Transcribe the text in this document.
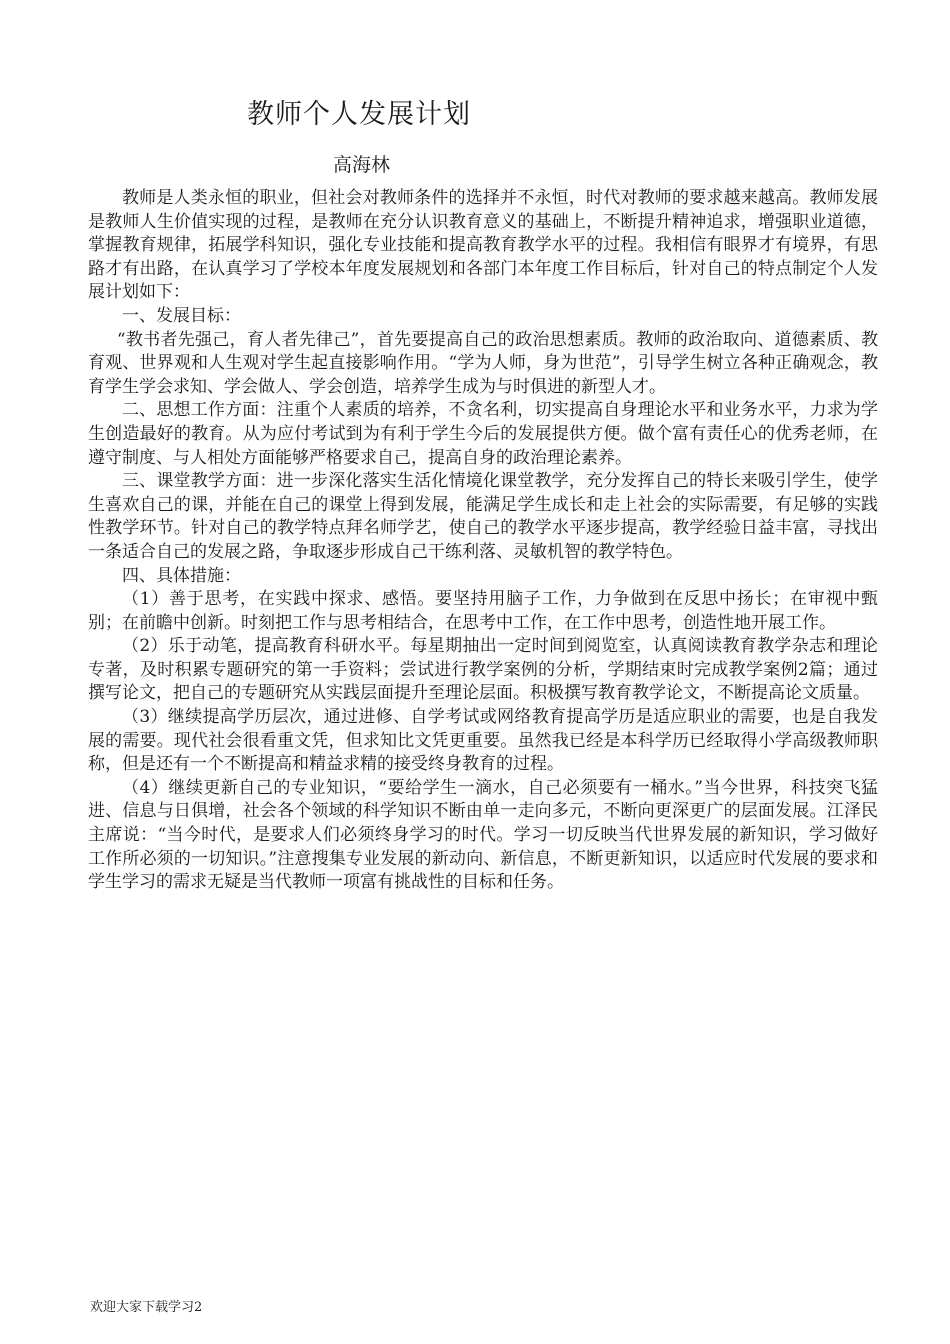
教师个人发展计划
高海林

教师是人类永恒的职业，但社会对教师条件的选择并不永恒，时代对教师的要求越来越高。教师发展是教师人生价值实现的过程，是教师在充分认识教育意义的基础上，不断提升精神追求，增强职业道德，掌握教育规律，拓展学科知识，强化专业技能和提高教育教学水平的过程。我相信有眼界才有境界，有思路才有出路，在认真学习了学校本年度发展规划和各部门本年度工作目标后，针对自己的特点制定个人发展计划如下：

一、发展目标：

“教书者先强己，育人者先律己”，首先要提高自己的政治思想素质。教师的政治取向、道德素质、教育观、世界观和人生观对学生起直接影响作用。“学为人师，身为世范”，引导学生树立各种正确观念，教育学生学会求知、学会做人、学会创造，培养学生成为与时俱进的新型人才。

二、思想工作方面：注重个人素质的培养，不贪名利，切实提高自身理论水平和业务水平，力求为学生创造最好的教育。从为应付考试到为有利于学生今后的发展提供方便。做个富有责任心的优秀老师，在遵守制度、与人相处方面能够严格要求自己，提高自身的政治理论素养。

三、课堂教学方面：进一步深化落实生活化情境化课堂教学，充分发挥自己的特长来吸引学生，使学生喜欢自己的课，并能在自己的课堂上得到发展，能满足学生成长和走上社会的实际需要，有足够的实践性教学环节。针对自己的教学特点拜名师学艺，使自己的教学水平逐步提高，教学经验日益丰富，寻找出一条适合自己的发展之路，争取逐步形成自己干练利落、灵敏机智的教学特色。

四、具体措施：

（1）善于思考，在实践中探求、感悟。要坚持用脑子工作，力争做到在反思中扬长；在审视中甄别；在前瞻中创新。时刻把工作与思考相结合，在思考中工作，在工作中思考，创造性地开展工作。

（2）乐于动笔，提高教育科研水平。每星期抽出一定时间到阅览室，认真阅读教育教学杂志和理论专著，及时积累专题研究的第一手资料；尝试进行教学案例的分析，学期结束时完成教学案例2篇；通过撰写论文，把自己的专题研究从实践层面提升至理论层面。积极撰写教育教学论文，不断提高论文质量。

（3）继续提高学历层次，通过进修、自学考试或网络教育提高学历是适应职业的需要，也是自我发展的需要。现代社会很看重文凭，但求知比文凭更重要。虽然我已经是本科学历已经取得小学高级教师职称，但是还有一个不断提高和精益求精的接受终身教育的过程。

（4）继续更新自己的专业知识，“要给学生一滴水，自己必须要有一桶水。”当今世界，科技突飞猛进、信息与日俱增，社会各个领域的科学知识不断由单一走向多元，不断向更深更广的层面发展。江泽民主席说：“当今时代，是要求人们必须终身学习的时代。学习一切反映当代世界发展的新知识，学习做好工作所必须的一切知识。”注意搜集专业发展的新动向、新信息，不断更新知识，以适应时代发展的要求和学生学习的需求无疑是当代教师一项富有挑战性的目标和任务。

欢迎大家下载学习2
